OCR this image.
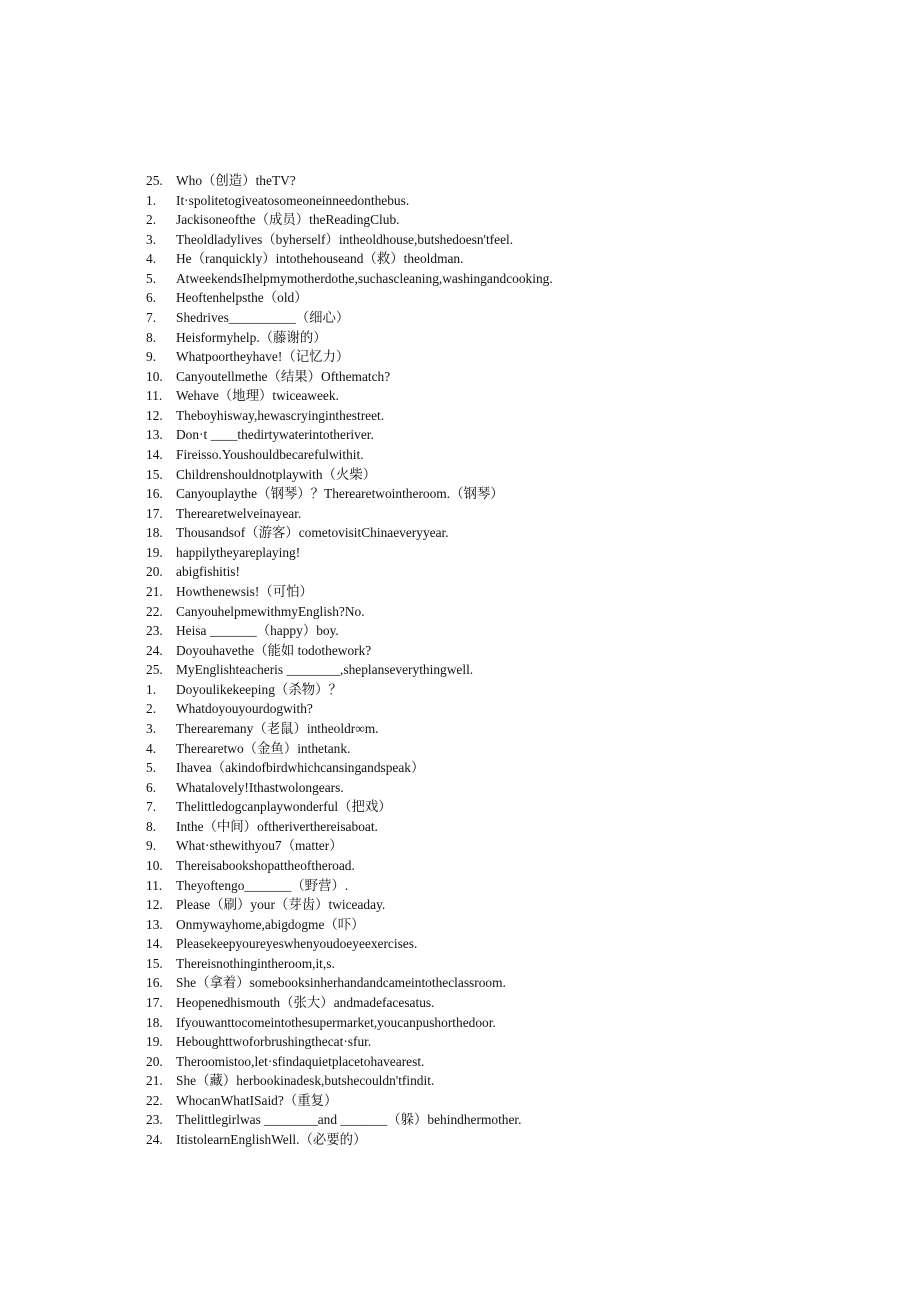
25. Who（创造）theTV?
1. It·spolitetogiveatosomeoneinneedonthebus.
2. Jackisoneofthe（成员）theReadingClub.
3. Theoldladylives（byherself）intheoldhouse,butshedoesn'tfeel.
4. He（ranquickly）intothehouseand（救）theoldman.
5. AtweekendsIhelpmymotherdothe,suchascleaning,washingandcooking.
6. Heoftenhelpsthe（old）
7. Shedrives__________（细心）
8. Heisformyhelp.（藤谢的）
9. Whatpoortheyhave!（记忆力）
10. Canyoutellmethe（结果）Ofthematch?
11. Wehave（地理）twiceaweek.
12. Theboyhisway,hewascryinginthestreet.
13. Don·t ____thedirtywaterintotheriver.
14. Fireisso.Youshouldbecarefulwithit.
15. Childrenshouldnotplaywith（火柴）
16. Canyouplaythe（钢琴）？Therearetwointheroom.（钢琴）
17. Therearetwelveinayear.
18. Thousandsof（游客）cometovisitChinaeveryyear.
19. happilytheyareplaying!
20. abigfishitis!
21. Howthenewsis!（可怕）
22. CanyouhelpmewithmyEnglish?No.
23. Heisa _______（happy）boy.
24. Doyouhavethe（能如 todothework?
25. MyEnglishteacheris ________,sheplanseverythingwell.
1. Doyoulikekeeping（杀物）？
2. Whatdoyouyourdogwith?
3. Therearemany（老鼠）intheoldr∞m.
4. Therearetwo（金鱼）inthetank.
5. Ihavea（akindofbirdwhichcansingandspeak）
6. Whatalovely!Ithastwolongears.
7. Thelittledogcanplaywonderful（把戏）
8. Inthe（中间）oftheriverthereisaboat.
9. What·sthewithyou7（matter）
10. Thereisabookshopattheoftheroad.
11. Theyoftengo_______（野营）.
12. Please（刷）your（芽齿）twiceaday.
13. Onmywayhome,abigdogme（吓）
14. Pleasekeepyoureyeswhenyoudoeyeexercises.
15. Thereisnothingintheroom,it,s.
16. She（拿着）somebooksinherhandandcameintotheclassroom.
17. Heopenedhismouth（张大）andmadefacesatus.
18. Ifyouwanttocomeintothesupermarket,youcanpushorthedoor.
19. Heboughttwoforbrushingthecat·sfur.
20. Theroomistoo,let·sfindaquietplacetohavearest.
21. She（藏）herbookinadesk,butshecouldn'tfindit.
22. WhocanWhatISaid?（重复）
23. Thelittlegirlwas ________and _______（躲）behindhermother.
24. ItistolearnEnglishWell.（必要的）
